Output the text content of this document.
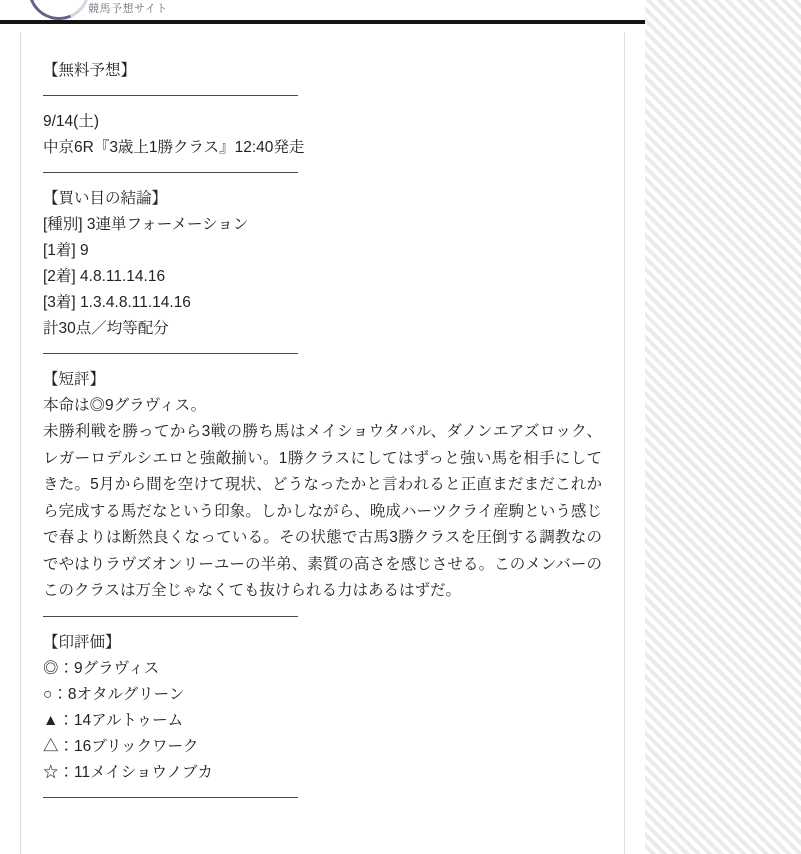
競馬予想サイト

【無料予想】

9/14(土)

中京6R『3歳上1勝クラス』12:40発走

【買い目の結論】

[種別] 3連単フォーメーション

[1着] 9

[2着] 4.8.11.14.16

[3着] 1.3.4.8.11.14.16

計30点／均等配分

【短評】

本命は◎9グラヴィス。

未勝利戦を勝ってから3戦の勝ち馬はメイショウタバル、ダノンエアズロック、レガーロデルシエロと強敵揃い。1勝クラスにしてはずっと強い馬を相手にしてきた。5月から間を空けて現状、どうなったかと言われると正直まだまだこれから完成する馬だなという印象。しかしながら、晩成ハーツクライ産駒という感じで春よりは断然良くなっている。その状態で古馬3勝クラスを圧倒する調教なのでやはりラヴズオンリーユーの半弟、素質の高さを感じさせる。このメンバーのこのクラスは万全じゃなくても抜けられる力はあるはずだ。

【印評価】

◎：9グラヴィス

○：8オタルグリーン

▲：14アルトゥーム

△：16ブリックワーク

☆：11メイショウノブカ
